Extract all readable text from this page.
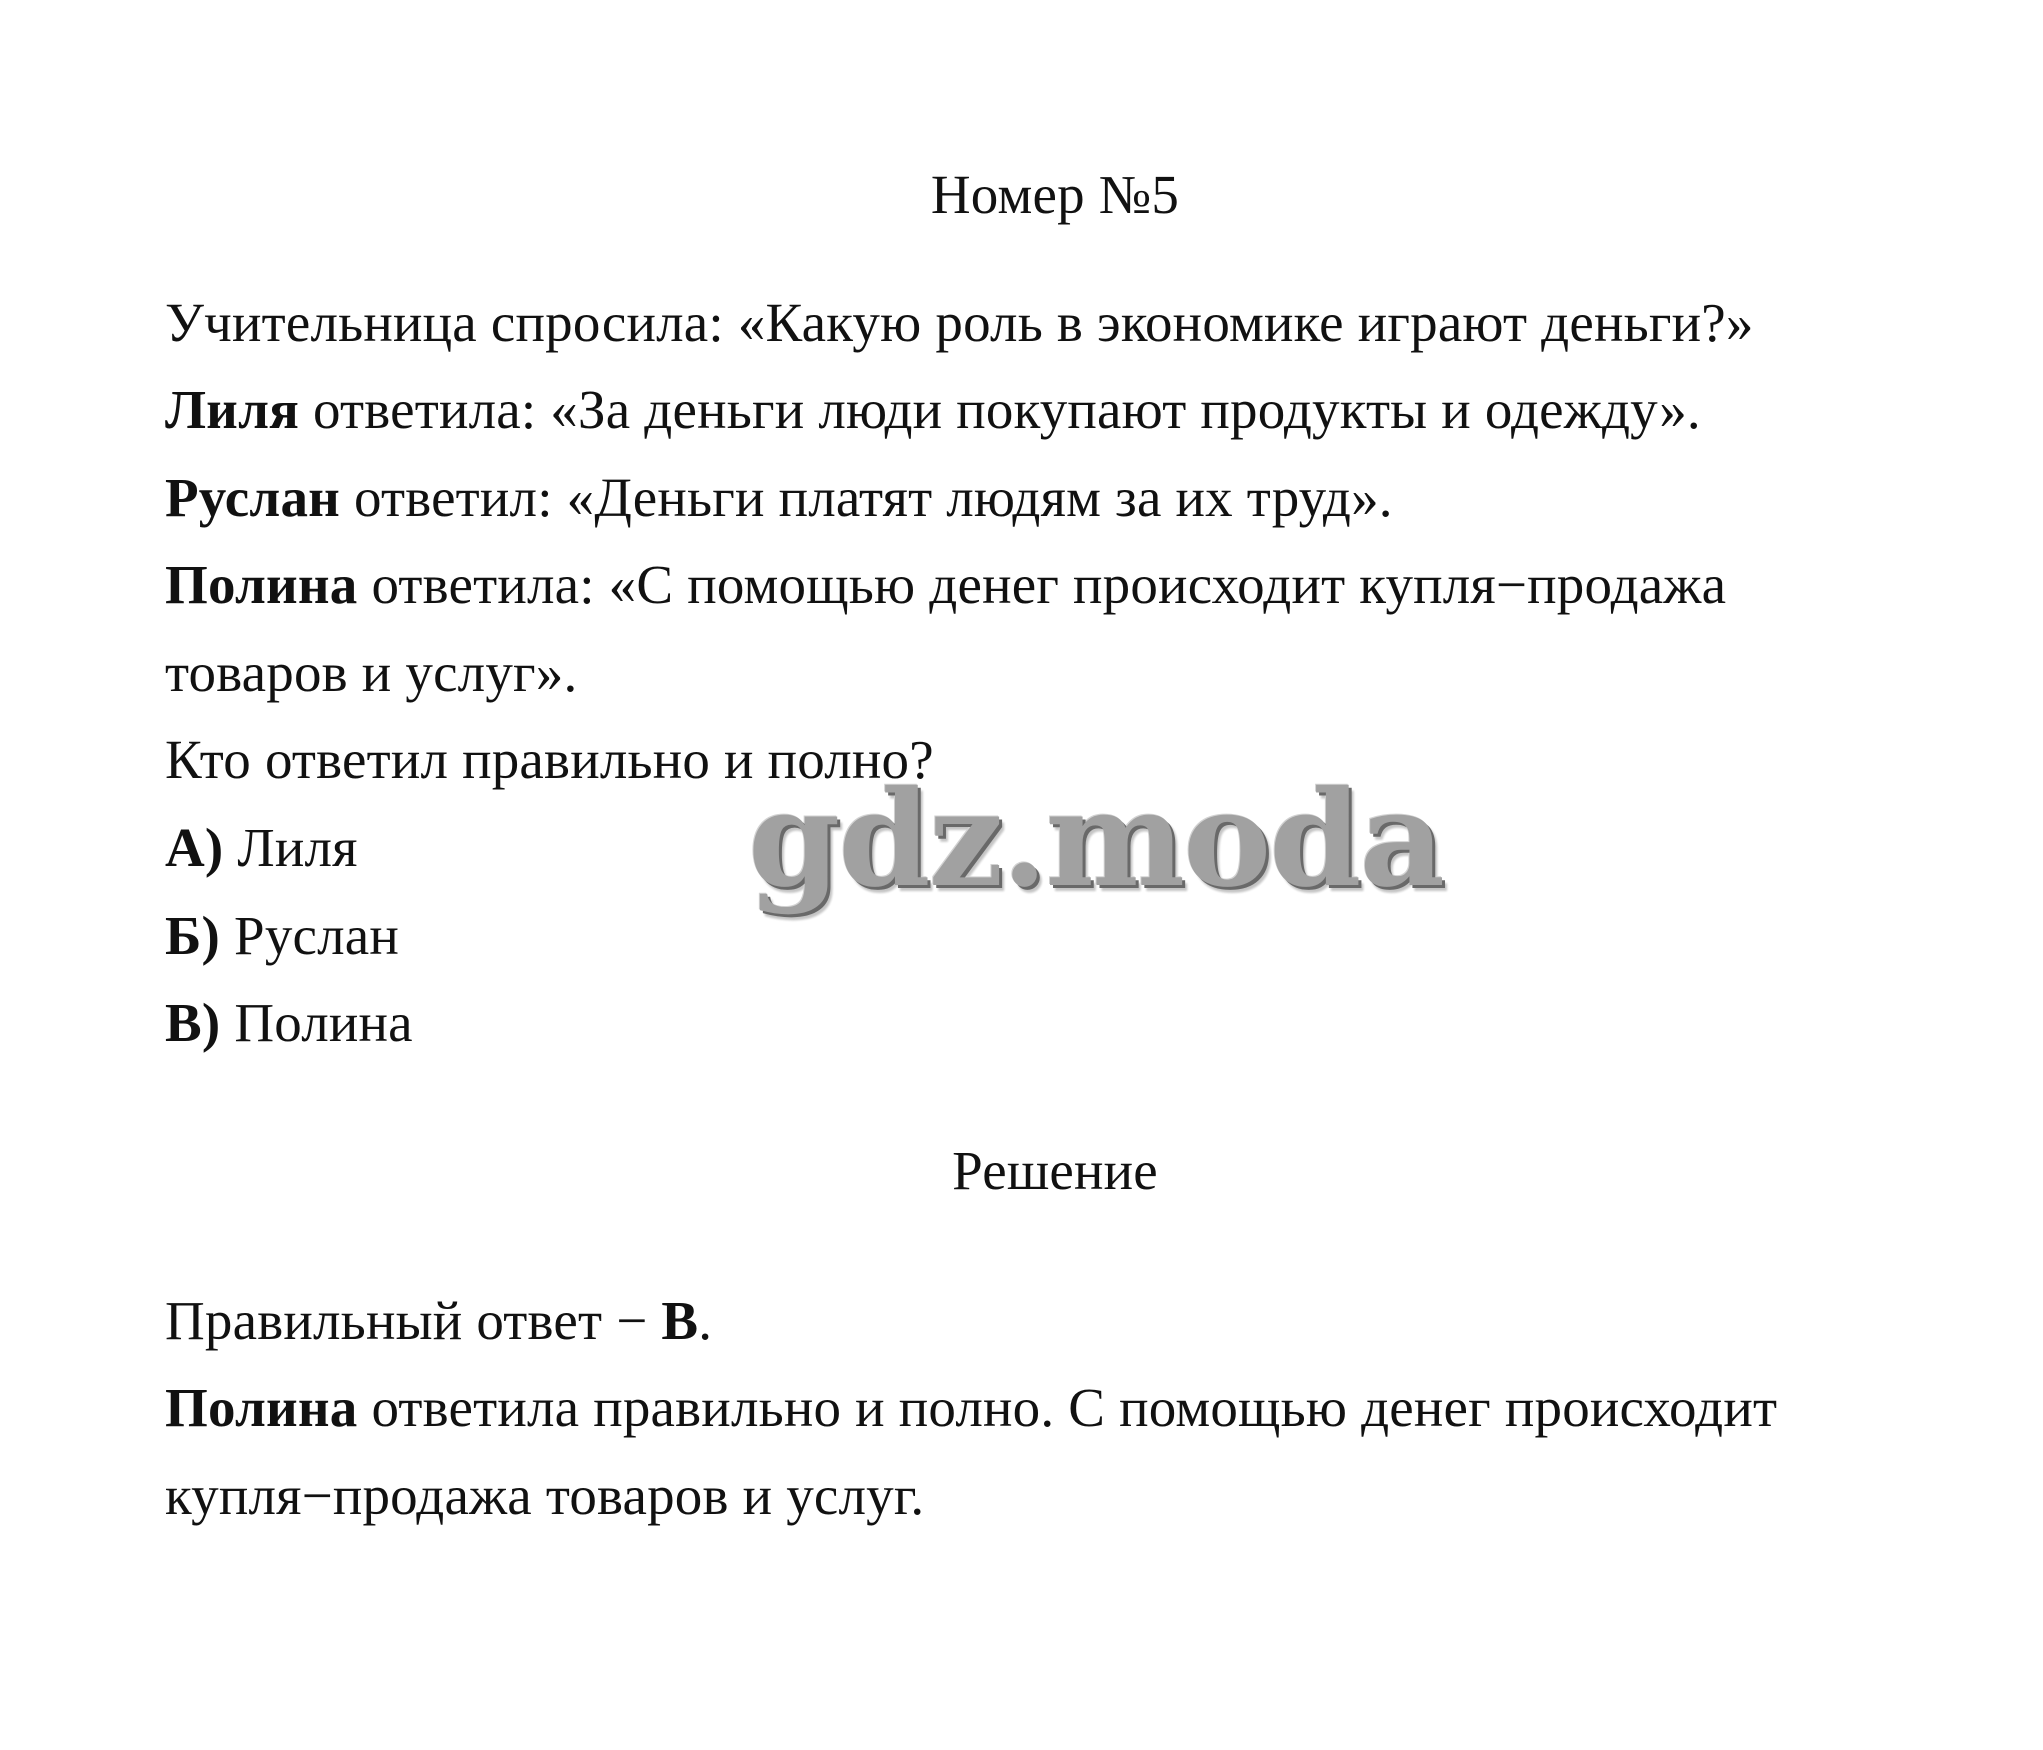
Номер №5
Учительница спросила: «Какую роль в экономике играют деньги?»
Лиля ответила: «За деньги люди покупают продукты и одежду».
Руслан ответил: «Деньги платят людям за их труд».
Полина ответила: «С помощью денег происходит купля−продажа
товаров и услуг».
Кто ответил правильно и полно?
А) Лиля
Б) Руслан
В) Полина
Решение
Правильный ответ − В.
Полина ответила правильно и полно. С помощью денег происходит
купля−продажа товаров и услуг.
gdz.moda
